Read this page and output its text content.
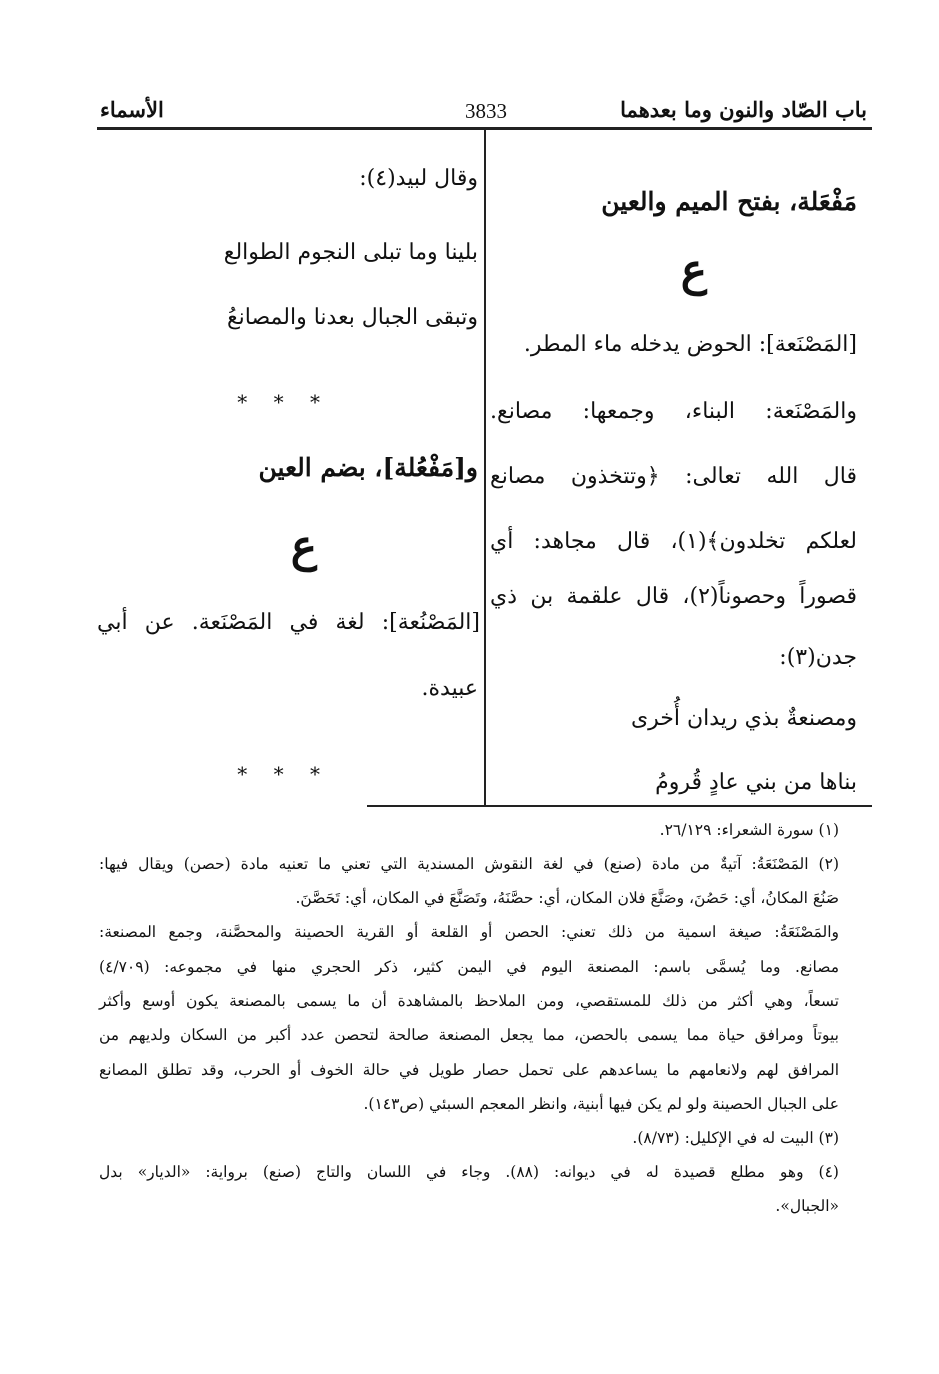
باب الصّاد والنون وما بعدهما
3833
الأسماء
مَفْعَلة، بفتح الميم والعين
ع
[المَصْنَعة]: الحوض يدخله ماء المطر.
والمَصْنَعة: البناء، وجمعها: مصانع.
قال الله تعالى: ﴿وتتخذون مصانع
لعلكم تخلدون﴾(١)، قال مجاهد: أي
قصوراً وحصوناً(٢)، قال علقمة بن ذي
جدن(٣):
ومصنعةٌ بذي ريدان أُخرى
بناها من بني عادٍ قُرومُ
وقال لبيد(٤):
بلينا وما تبلى النجوم الطوالع
وتبقى الجبال بعدنا والمصانعُ
* * *
و[مَفْعُلة]، بضم العين
ع
[المَصْنُعة]: لغة في المَصْنَعة. عن أبي
عبيدة.
* * *
(١) سورة الشعراء: ٢٦/١٢٩.
(٢) المَصْنَعَةُ: آتيةٌ من مادة (صنع) في لغة النقوش المسندية التي تعني ما تعنيه مادة (حصن) ويقال فيها:
صَنُعَ المكانُ، أي: حَصُنَ، وصَنَّعَ فلان المكان، أي: حصَّنَهُ، وتَصَنَّعَ في المكان، أي: تَحَصَّنَ.
والمَصْنَعَةُ: صيغة اسمية من ذلك تعني: الحصن أو القلعة أو القرية الحصينة والمحصَّنة، وجمع المصنعة:
مصانع. وما يُسمَّى باسم: المصنعة اليوم في اليمن كثير، ذكر الحجري منها في مجموعه: (٤/٧٠٩)
تسعاً، وهي أكثر من ذلك للمستقصي، ومن الملاحظ بالمشاهدة أن ما يسمى بالمصنعة يكون أوسع وأكثر
بيوتاً ومرافق حياة مما يسمى بالحصن، مما يجعل المصنعة صالحة لتحصن عدد أكبر من السكان ولديهم من
المرافق لهم ولانعامهم ما يساعدهم على تحمل حصار طويل في حالة الخوف أو الحرب، وقد تطلق المصانع
على الجبال الحصينة ولو لم يكن فيها أبنية، وانظر المعجم السبئي (ص١٤٣).
(٣) البيت له في الإكليل: (٨/٧٣).
(٤) وهو مطلع قصيدة له في ديوانه: (٨٨). وجاء في اللسان والتاج (صنع) برواية: «الديار» بدل
«الجبال».
